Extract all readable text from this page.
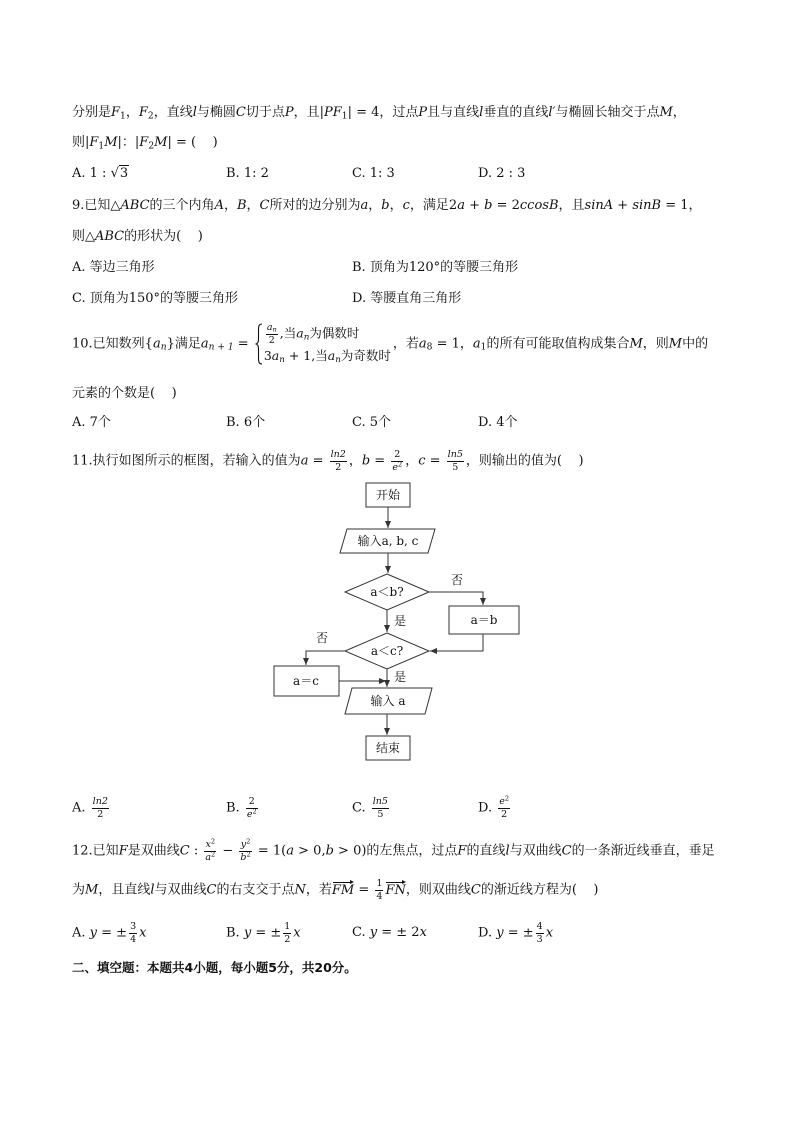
分别是$F_1$，$F_2$，直线l与椭圆C切于点P，且$|PF_1| = 4$，过点P且与直线l垂直的直线l′与椭圆长轴交于点M，
则$|F_1M|$：$|F_2M|$ = (    )
A. 1 : √3	B. 1: 2	C. 1: 3	D. 2 : 3
9.已知△ABC的三个内角A，B，C所对的边分别为a，b，c，满足2a + b = 2ccosB，且sinA + sinB = 1，
则△ABC的形状为(    )
A. 等边三角形	B. 顶角为120°的等腰三角形
C. 顶角为150°的等腰三角形	D. 等腰直角三角形
10.已知数列$\{a_n\}$满足$a_{n + 1} = \frac{a_n}{2}$ ,当$a_n$为偶数时
$3a_n + 1$,当$a_n$为奇数时
，若$a_8 = 1$，$a_1$的所有可能取值构成集合M，则M中的
元素的个数是(    )
A. 7个	B. 6个	C. 5个	D. 4个
11.执行如图所示的框图，若输入的值为$a = \frac{\ln 2}{2}$ ，$b = \frac{2}{e^2}$ ，$c = \frac{\ln 5}{5}$ ，则输出的值为(    )
开始
输入a, b, c
a＜b?
否
a＝b
是
a＜c?
否
a＝c	是
输入 a
结束
A. $\frac{\ln 2}{2}$	B. $\frac{2}{e^2}$	C. $\frac{\ln 5}{5}$	D. $\frac{e^2}{2}$
12.已知F是双曲线C : $\frac{x^2}{a^2} - \frac{y^2}{b^2} = 1(a > 0,b > 0)$的左焦点，过点F的直线l与双曲线C的一条渐近线垂直，垂足
为M，且直线l与双曲线C的右支交于点N，若FM = $\frac{1}{4}$ FN，则双曲线C的渐近线方程为(    )
A. y = ± $\frac{3}{4}$ x	B. y = ± $\frac{1}{2}$ x	C. y = ± 2x	D. y = ± $\frac{4}{3}$ x
二、填空题：本题共4小题，每小题5分，共20分。
